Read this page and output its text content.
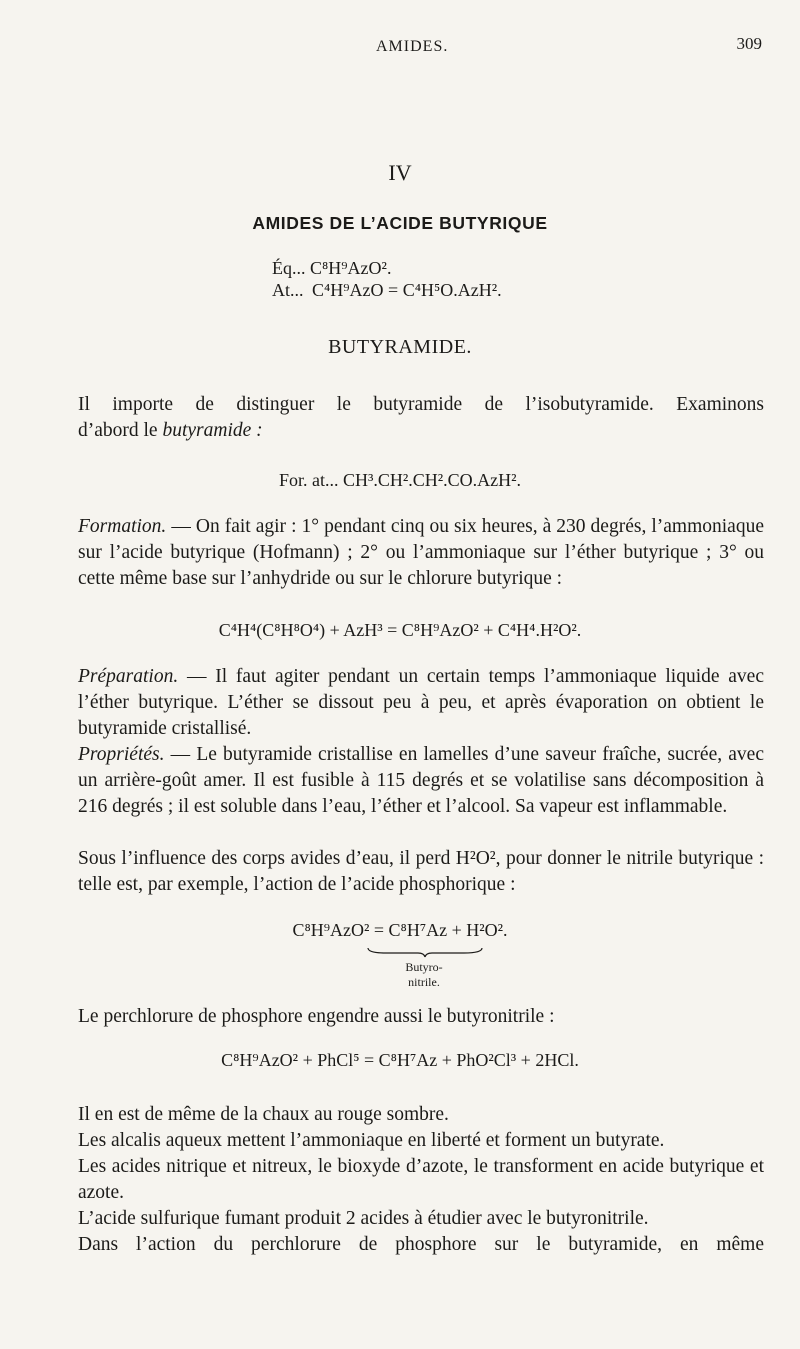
AMIDES.	309
IV
AMIDES DE L’ACIDE BUTYRIQUE
Éq... C⁸H⁹AzO².
At... C⁴H⁹AzO = C⁴H⁵O.AzH².
BUTYRAMIDE.

Il importe de distinguer le butyramide de l’isobutyramide. Examinons

d’abord le butyramide :

For. at... CH³.CH².CH².CO.AzH².

Formation. — On fait agir : 1° pendant cinq ou six heures, à 230 degrés, l’ammoniaque sur l’acide butyrique (Hofmann) ; 2° ou l’ammoniaque sur l’éther butyrique ; 3° ou cette même base sur l’anhydride ou sur le chlorure butyrique :

C⁴H⁴(C⁸H⁸O⁴) + AzH³ = C⁸H⁹AzO² + C⁴H⁴.H²O².

Préparation. — Il faut agiter pendant un certain temps l’ammoniaque liquide avec l’éther butyrique. L’éther se dissout peu à peu, et après évaporation on obtient le butyramide cristallisé.

Propriétés. — Le butyramide cristallise en lamelles d’une saveur fraîche, sucrée, avec un arrière-goût amer. Il est fusible à 115 degrés et se volatilise sans décomposition à 216 degrés ; il est soluble dans l’eau, l’éther et l’alcool. Sa vapeur est inflammable.

Sous l’influence des corps avides d’eau, il perd H²O², pour donner le nitrile butyrique : telle est, par exemple, l’action de l’acide phosphorique :

C⁸H⁹AzO² = C⁸H⁷Az + H²O².
Butyro-
nitrile.

Le perchlorure de phosphore engendre aussi le butyronitrile :

C⁸H⁹AzO² + PhCl⁵ = C⁸H⁷Az + PhO²Cl³ + 2HCl.

Il en est de même de la chaux au rouge sombre.

Les alcalis aqueux mettent l’ammoniaque en liberté et forment un butyrate.

Les acides nitrique et nitreux, le bioxyde d’azote, le transforment en acide butyrique et azote.

L’acide sulfurique fumant produit 2 acides à étudier avec le butyronitrile.

Dans l’action du perchlorure de phosphore sur le butyramide, en même
